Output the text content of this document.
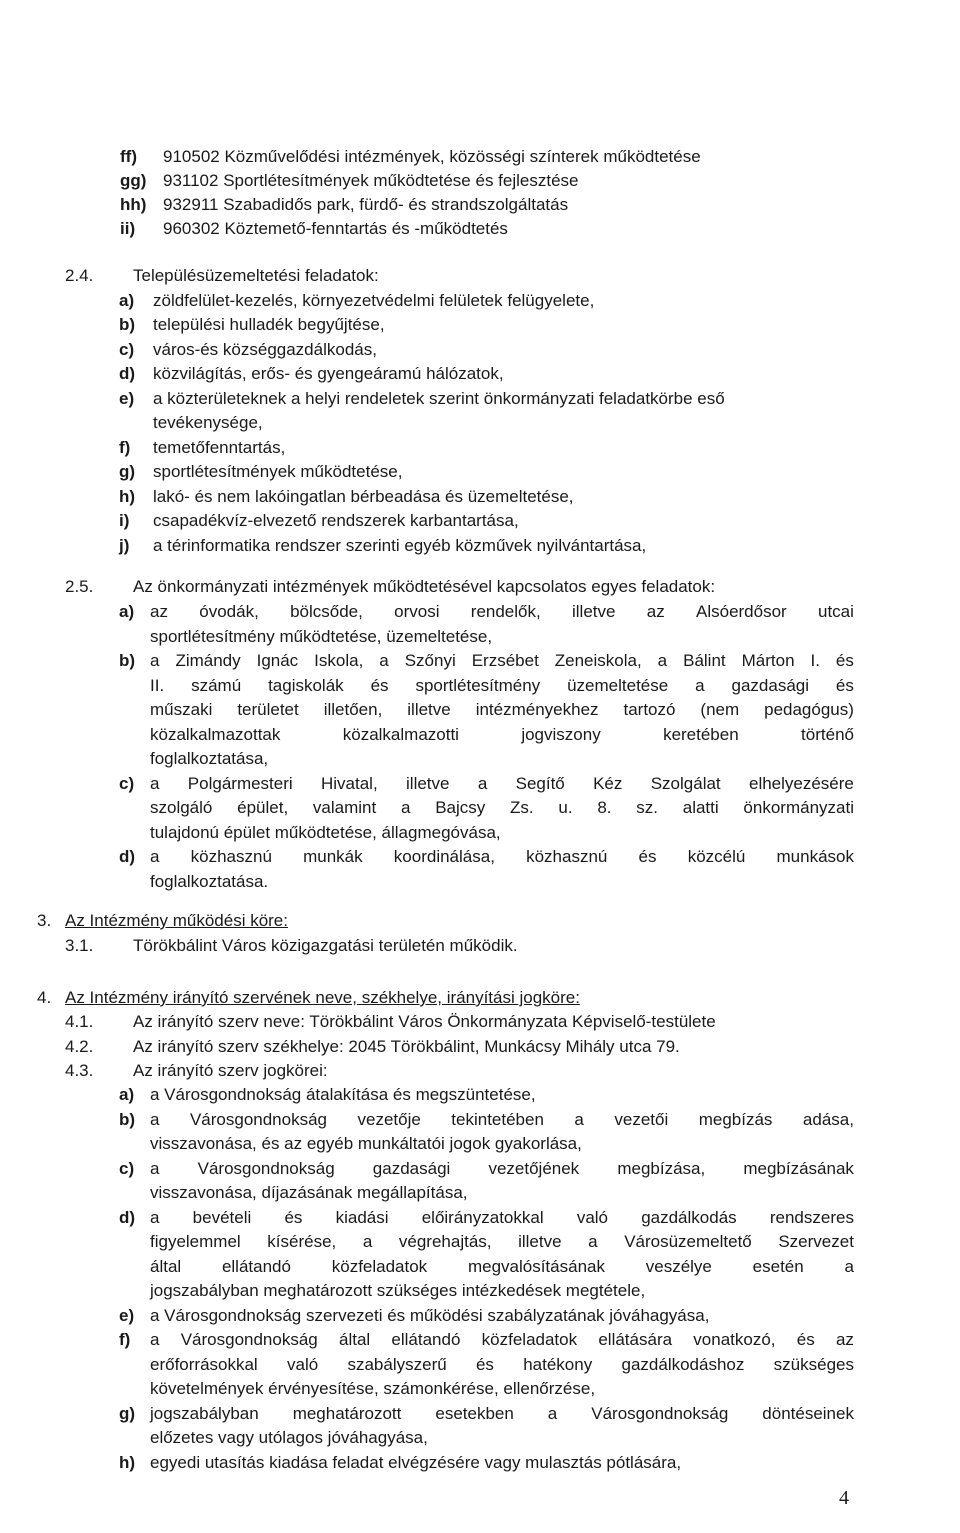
ff) 910502 Közművelődési intézmények, közösségi színterek működtetése
gg) 931102 Sportlétesítmények működtetése és fejlesztése
hh) 932911 Szabadidős park, fürdő- és strandszolgáltatás
ii) 960302 Köztemető-fenntartás és -működtetés
2.4. Településüzemeltetési feladatok:
a) zöldfelület-kezelés, környezetvédelmi felületek felügyelete,
b) települési hulladék begyűjtése,
c) város-és községgazdálkodás,
d) közvilágítás, erős- és gyengeáramú hálózatok,
e) a közterületeknek a helyi rendeletek szerint önkormányzati feladatkörbe eső
tevékenysége,
f) temetőfenntartás,
g) sportlétesítmények működtetése,
h) lakó- és nem lakóingatlan bérbeadása és üzemeltetése,
i) csapadékvíz-elvezető rendszerek karbantartása,
j) a térinformatika rendszer szerinti egyéb közművek nyilvántartása,
2.5. Az önkormányzati intézmények működtetésével kapcsolatos egyes feladatok:
a) az óvodák, bölcsőde, orvosi rendelők, illetve az Alsóerdősor utcai
sportlétesítmény működtetése, üzemeltetése,
b) a Zimándy Ignác Iskola, a Szőnyi Erzsébet Zeneiskola, a Bálint Márton I. és
II. számú tagiskolák és sportlétesítmény üzemeltetése a gazdasági és
műszaki területet illetően, illetve intézményekhez tartozó (nem pedagógus)
közalkalmazottak	közalkalmazotti	jogviszony	keretében	történő
foglalkoztatása,
c) a Polgármesteri Hivatal, illetve a Segítő Kéz Szolgálat elhelyezésére
szolgáló épület, valamint a Bajcsy Zs. u. 8. sz. alatti önkormányzati
tulajdonú épület működtetése, állagmegóvása,
d) a közhasznú munkák koordinálása, közhasznú és közcélú munkások
foglalkoztatása.
3. Az Intézmény működési köre:
3.1. Törökbálint Város közigazgatási területén működik.
4. Az Intézmény irányító szervének neve, székhelye, irányítási jogköre:
4.1. Az irányító szerv neve: Törökbálint Város Önkormányzata Képviselő-testülete
4.2. Az irányító szerv székhelye: 2045 Törökbálint, Munkácsy Mihály utca 79.
4.3. Az irányító szerv jogkörei:
a) a Városgondnokság átalakítása és megszüntetése,
b) a Városgondnokság vezetője tekintetében a vezetői megbízás adása,
visszavonása, és az egyéb munkáltatói jogok gyakorlása,
c) a Városgondnokság gazdasági vezetőjének megbízása, megbízásának
visszavonása, díjazásának megállapítása,
d) a bevételi és kiadási előirányzatokkal való gazdálkodás rendszeres
figyelemmel kísérése, a végrehajtás, illetve a Városüzemeltető Szervezet
által ellátandó közfeladatok megvalósításának veszélye esetén a
jogszabályban meghatározott szükséges intézkedések megtétele,
e) a Városgondnokság szervezeti és működési szabályzatának jóváhagyása,
f) a Városgondnokság által ellátandó közfeladatok ellátására vonatkozó, és az
erőforrásokkal való szabályszerű és hatékony gazdálkodáshoz szükséges
követelmények érvényesítése, számonkérése, ellenőrzése,
g) jogszabályban meghatározott esetekben a Városgondnokság döntéseinek
előzetes vagy utólagos jóváhagyása,
h) egyedi utasítás kiadása feladat elvégzésére vagy mulasztás pótlására,
4
